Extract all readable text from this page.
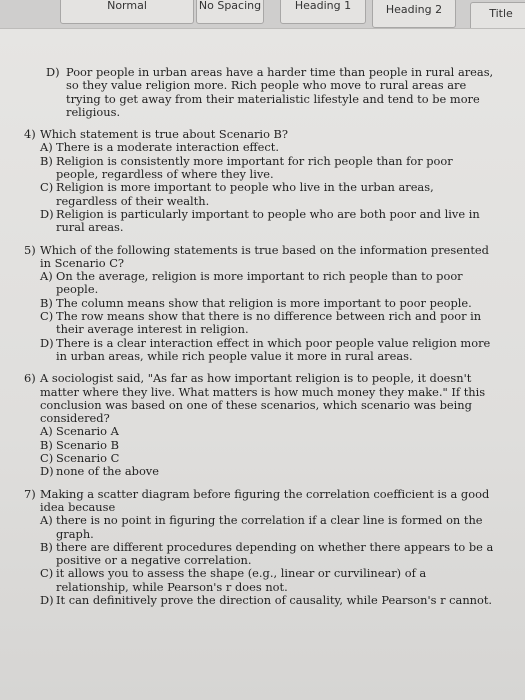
Normal	No Spacing	Heading 1	Heading 2	Title
D) Poor people in urban areas have a harder time than people in rural areas, so they value religion more. Rich people who move to rural areas are trying to get away from their materialistic lifestyle and tend to be more religious.
4) Which statement is true about Scenario B?
A) There is a moderate interaction effect.
B) Religion is consistently more important for rich people than for poor people, regardless of where they live.
C) Religion is more important to people who live in the urban areas, regardless of their wealth.
D) Religion is particularly important to people who are both poor and live in rural areas.
5) Which of the following statements is true based on the information presented in Scenario C?
A) On the average, religion is more important to rich people than to poor people.
B) The column means show that religion is more important to poor people.
C) The row means show that there is no difference between rich and poor in their average interest in religion.
D) There is a clear interaction effect in which poor people value religion more in urban areas, while rich people value it more in rural areas.
6) A sociologist said, "As far as how important religion is to people, it doesn't matter where they live. What matters is how much money they make." If this conclusion was based on one of these scenarios, which scenario was being considered?
A) Scenario A
B) Scenario B
C) Scenario C
D) none of the above
7) Making a scatter diagram before figuring the correlation coefficient is a good idea because
A) there is no point in figuring the correlation if a clear line is formed on the graph.
B) there are different procedures depending on whether there appears to be a positive or a negative correlation.
C) it allows you to assess the shape (e.g., linear or curvilinear) of a relationship, while Pearson's r does not.
D) It can definitively prove the direction of causality, while Pearson's r cannot.
